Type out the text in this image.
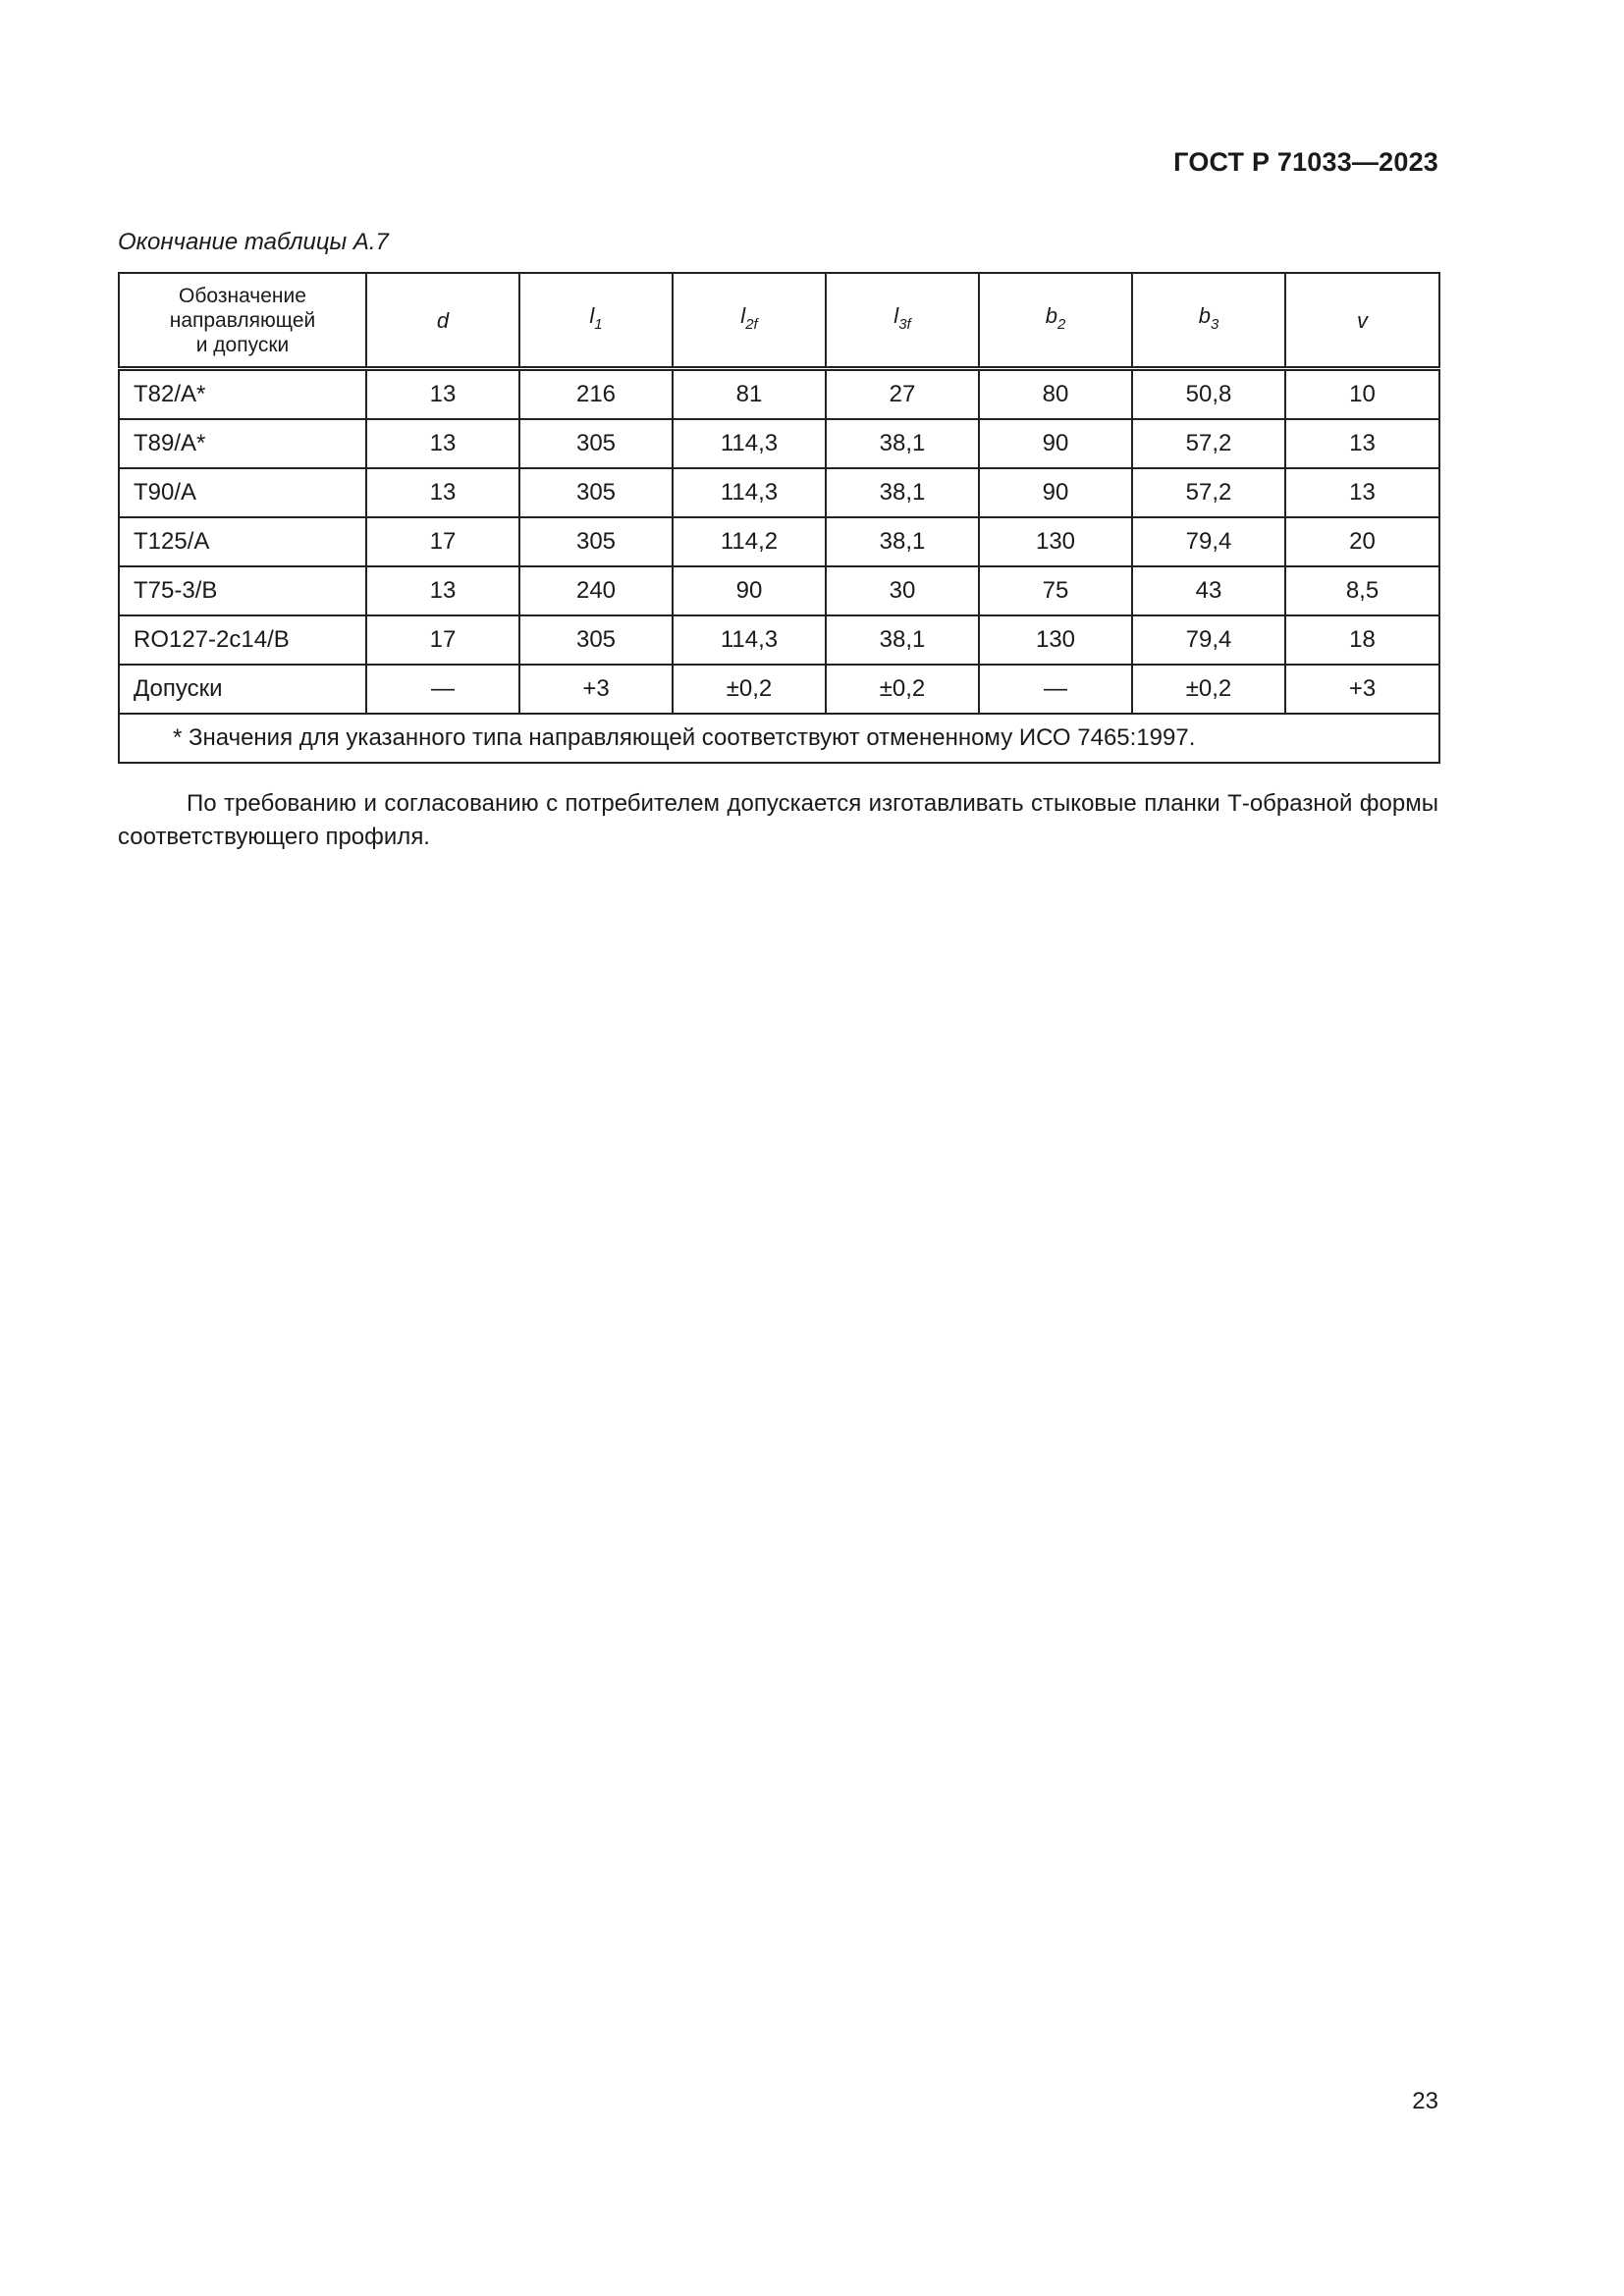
ГОСТ Р 71033—2023
Окончание таблицы А.7
Обозначение
направляющей
и допуски	d	$l_1$	$l_{2f}$	$l_{3f}$	$b_2$	$b_3$	v
Т82/А*	13	216	81	27	80	50,8	10
Т89/А*	13	305	114,3	38,1	90	57,2	13
Т90/А	13	305	114,3	38,1	90	57,2	13
Т125/А	17	305	114,2	38,1	130	79,4	20
Т75-3/В	13	240	90	30	75	43	8,5
RO127-2c14/B	17	305	114,3	38,1	130	79,4	18
Допуски	—	+3	±0,2	±0,2	—	±0,2	+3
* Значения для указанного типа направляющей соответствуют отмененному ИСО 7465:1997.							
По требованию и согласованию с потребителем допускается изготавливать стыковые планки Т-образной формы соответствующего профиля.
23
